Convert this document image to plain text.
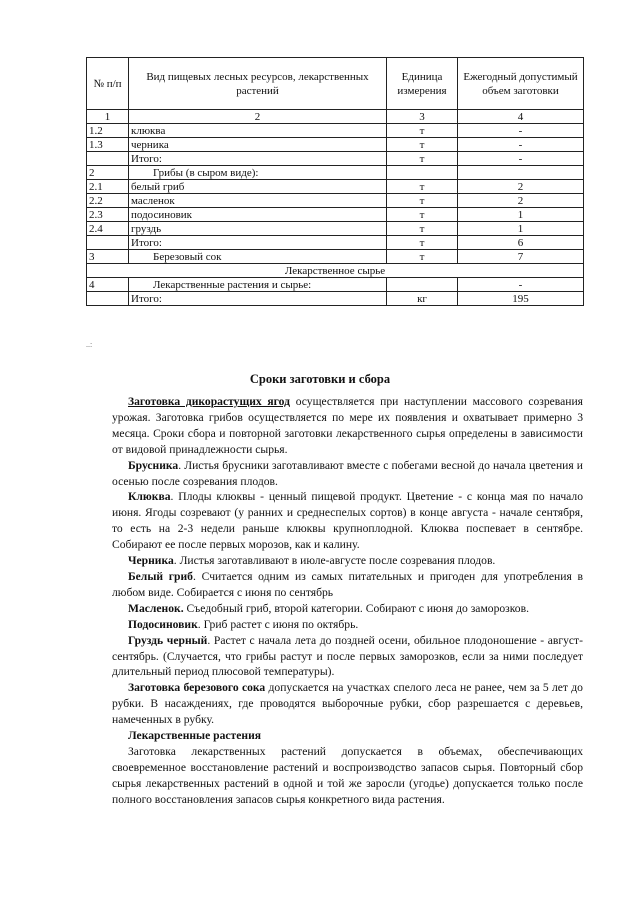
№ п/п	Вид пищевых лесных ресурсов, лекарственных растений	Единица измерения	Ежегодный допустимый объем заготовки
1	2	3	4
1.2	клюква	т	-
1.3	черника	т	-
	Итого:	т	-
2	Грибы (в сыром виде):		
2.1	белый гриб	т	2
2.2	масленок	т	2
2.3	подосиновик	т	1
2.4	груздь	т	1
	Итого:	т	6
3	Березовый сок	т	7
Лекарственное сырье			
4	Лекарственные растения и сырье:		-
	Итого:	кг	195
..:
Сроки заготовки и сбора

Заготовка дикорастущих ягод осуществляется при наступлении массового созревания урожая. Заготовка грибов осуществляется по мере их появления и охватывает примерно 3 месяца. Сроки сбора и повторной заготовки лекарственного сырья определены в зависимости от видовой принадлежности сырья.

Брусника. Листья брусники заготавливают вместе с побегами весной до начала цветения и осенью после созревания плодов.

Клюква. Плоды клюквы - ценный пищевой продукт. Цветение - с конца мая по начало июня. Ягоды созревают (у ранних и среднеспелых сортов) в конце августа - начале сентября, то есть на 2-3 недели раньше клюквы крупноплодной. Клюква поспевает в сентябре. Собирают ее после первых морозов, как и калину.

Черника. Листья заготавливают в июле-августе после созревания плодов.

Белый гриб. Считается одним из самых питательных и пригоден для употребления в любом виде. Собирается с июня по сентябрь

Масленок. Съедобный гриб, второй категории. Собирают с июня до заморозков.

Подосиновик. Гриб растет с июня по октябрь.

Груздь черный. Растет с начала лета до поздней осени, обильное плодоношение - август-сентябрь. (Случается, что грибы растут и после первых заморозков, если за ними последует длительный период плюсовой температуры).

Заготовка березового сока допускается на участках спелого леса не ранее, чем за 5 лет до рубки. В насаждениях, где проводятся выборочные рубки, сбор разрешается с деревьев, намеченных в рубку.

Лекарственные растения

Заготовка лекарственных растений допускается в объемах, обеспечивающих своевременное восстановление растений и воспроизводство запасов сырья. Повторный сбор сырья лекарственных растений в одной и той же заросли (угодье) допускается только после полного восстановления запасов сырья конкретного вида растения.
